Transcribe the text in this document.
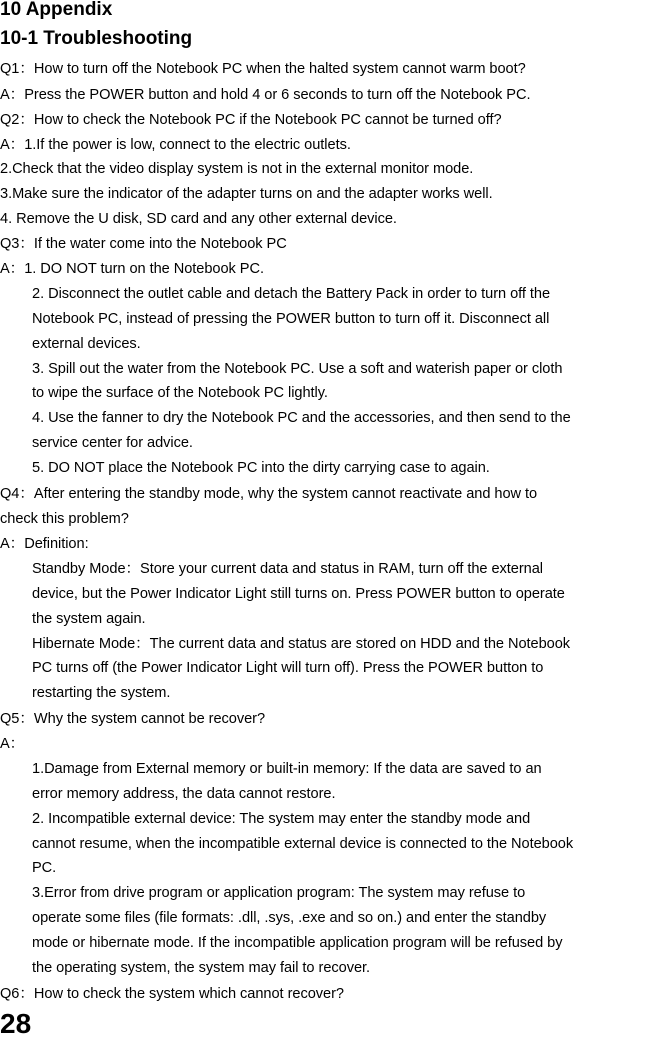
10 Appendix
10-1 Troubleshooting
Q1：How to turn off the Notebook PC when the halted system cannot warm boot?
A：Press the POWER button and hold 4 or 6 seconds to turn off the Notebook PC.
Q2：How to check the Notebook PC if the Notebook PC cannot be turned off?
A：1.If the power is low, connect to the electric outlets.
2.Check that the video display system is not in the external monitor mode.
3.Make sure the indicator of the adapter turns on and the adapter works well.
4. Remove the U disk, SD card and any other external device.
Q3：If the water come into the Notebook PC
A：1. DO NOT turn on the Notebook PC.
2. Disconnect the outlet cable and detach the Battery Pack in order to turn off the
Notebook PC, instead of pressing the POWER button to turn off it. Disconnect all
external devices.
3. Spill out the water from the Notebook PC. Use a soft and waterish paper or cloth
to wipe the surface of the Notebook PC lightly.
4. Use the fanner to dry the Notebook PC and the accessories, and then send to the
service center for advice.
5. DO NOT place the Notebook PC into the dirty carrying case to again.
Q4：After entering the standby mode, why the system cannot reactivate and how to
check this problem?
A：Definition:
Standby Mode：Store your current data and status in RAM, turn off the external
device, but the Power Indicator Light still turns on. Press POWER button to operate
the system again.
Hibernate Mode：The current data and status are stored on HDD and the Notebook
PC turns off (the Power Indicator Light will turn off). Press the POWER button to
restarting the system.
Q5：Why the system cannot be recover?
A：
1.Damage from External memory or built-in memory: If the data are saved to an
error memory address, the data cannot restore.
2. Incompatible external device: The system may enter the standby mode and
cannot resume, when the incompatible external device is connected to the Notebook
PC.
3.Error from drive program or application program: The system may refuse to
operate some files (file formats: .dll, .sys, .exe and so on.) and enter the standby
mode or hibernate mode. If the incompatible application program will be refused by
the operating system, the system may fail to recover.
Q6：How to check the system which cannot recover?
28
